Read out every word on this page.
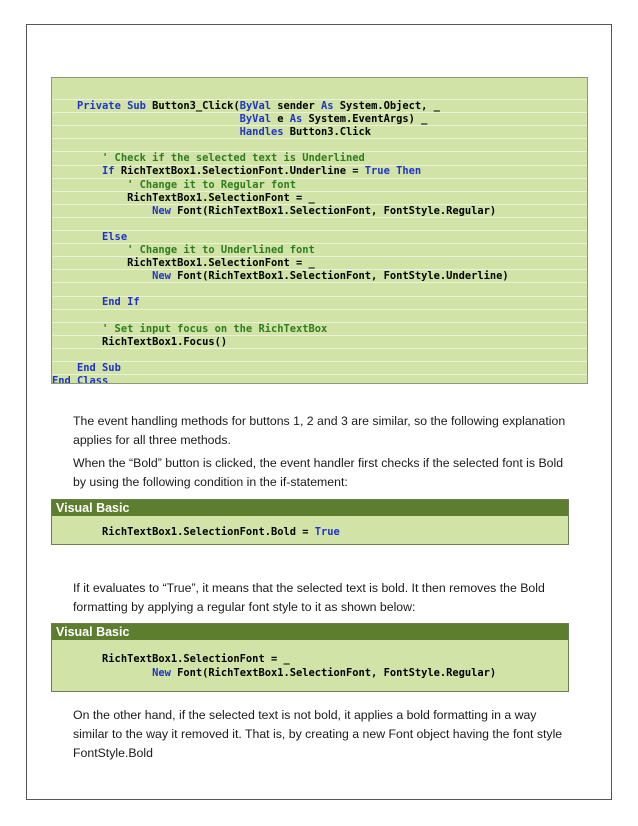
Private Sub Button3_Click(ByVal sender As System.Object, _
ByVal e As System.EventArgs) _
Handles Button3.Click

' Check if the selected text is Underlined
If RichTextBox1.SelectionFont.Underline = True Then
' Change it to Regular font
RichTextBox1.SelectionFont = _
New Font(RichTextBox1.SelectionFont, FontStyle.Regular)

Else
' Change it to Underlined font
RichTextBox1.SelectionFont = _
New Font(RichTextBox1.SelectionFont, FontStyle.Underline)

End If

' Set input focus on the RichTextBox
RichTextBox1.Focus()

End Sub
End Class

The event handling methods for buttons 1, 2 and 3 are similar, so the following explanation applies for all three methods.

When the “Bold” button is clicked, the event handler first checks if the selected font is Bold by using the following condition in the if-statement:

Visual Basic
RichTextBox1.SelectionFont.Bold = True

If it evaluates to “True”, it means that the selected text is bold. It then removes the Bold formatting by applying a regular font style to it as shown below:

Visual Basic
RichTextBox1.SelectionFont = _
New Font(RichTextBox1.SelectionFont, FontStyle.Regular)

On the other hand, if the selected text is not bold, it applies a bold formatting in a way similar to the way it removed it. That is, by creating a new Font object having the font style FontStyle.Bold
